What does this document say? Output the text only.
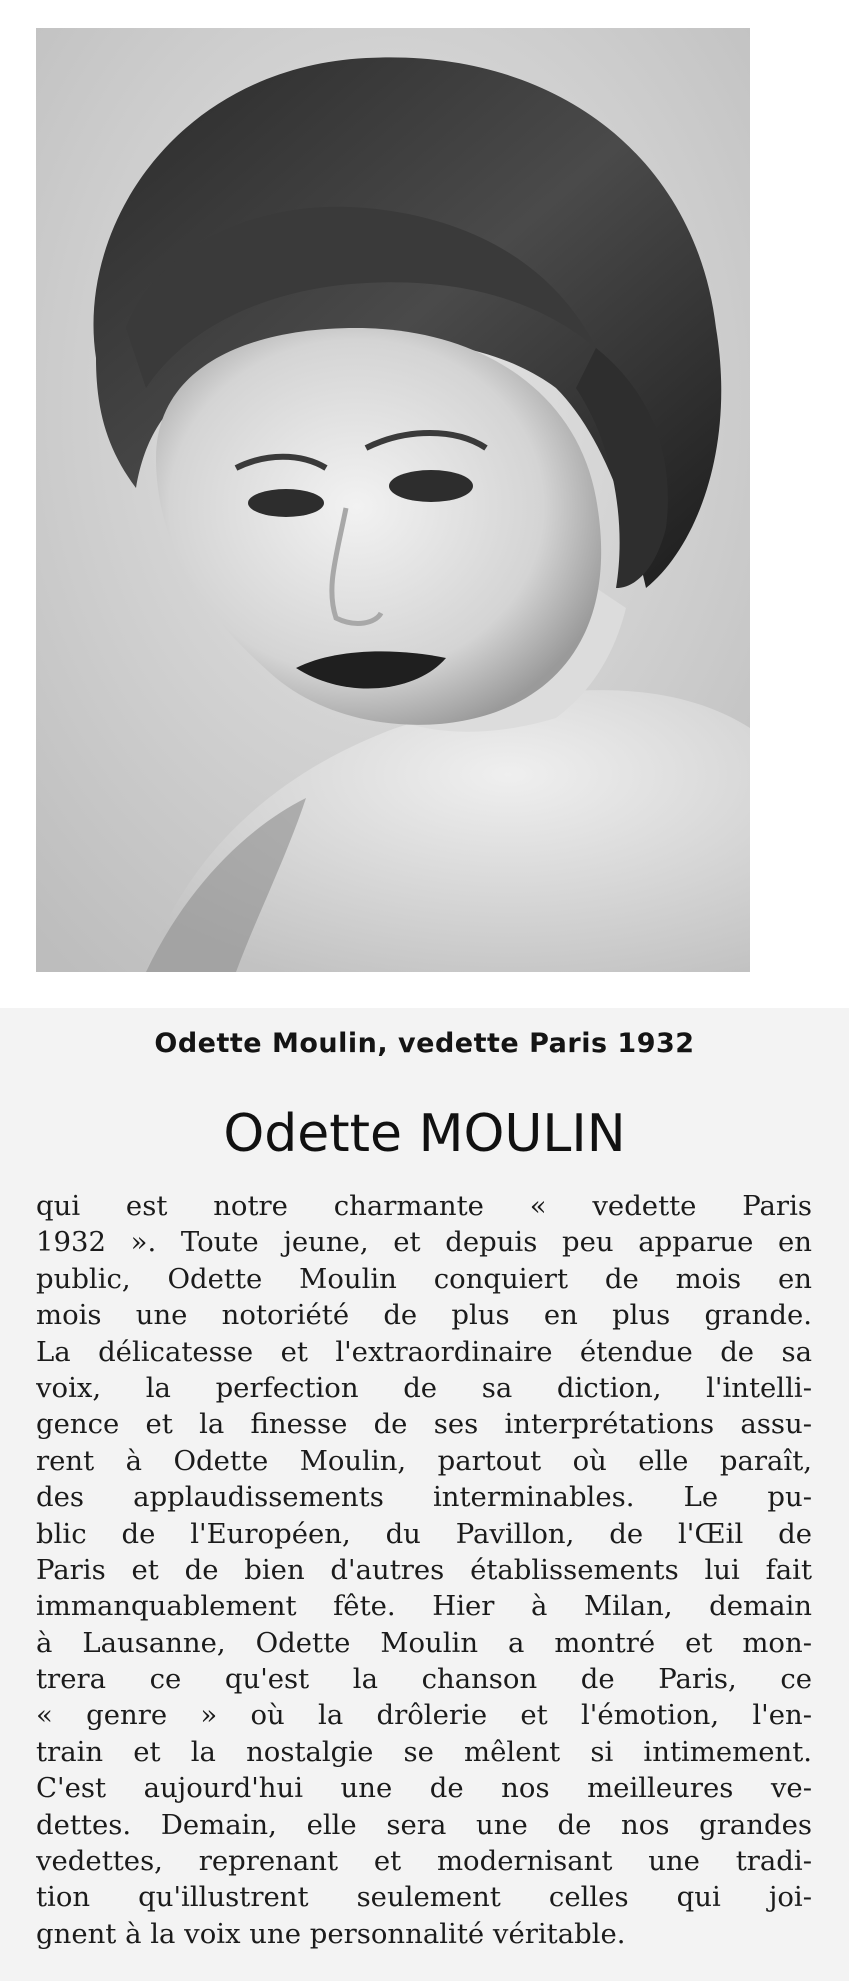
Odette Moulin, vedette Paris 1932
Odette MOULIN
qui est notre charmante « vedette Paris
1932 ». Toute jeune, et depuis peu apparue en
public, Odette Moulin conquiert de mois en
mois une notoriété de plus en plus grande.
La délicatesse et l'extraordinaire étendue de sa
voix, la perfection de sa diction, l'intelli-
gence et la finesse de ses interprétations assu-
rent à Odette Moulin, partout où elle paraît,
des applaudissements interminables. Le pu-
blic de l'Européen, du Pavillon, de l'Œil de
Paris et de bien d'autres établissements lui fait
immanquablement fête. Hier à Milan, demain
à Lausanne, Odette Moulin a montré et mon-
trera ce qu'est la chanson de Paris, ce
« genre » où la drôlerie et l'émotion, l'en-
train et la nostalgie se mêlent si intimement.
C'est aujourd'hui une de nos meilleures ve-
dettes. Demain, elle sera une de nos grandes
vedettes, reprenant et modernisant une tradi-
tion qu'illustrent seulement celles qui joi-
gnent à la voix une personnalité véritable.
